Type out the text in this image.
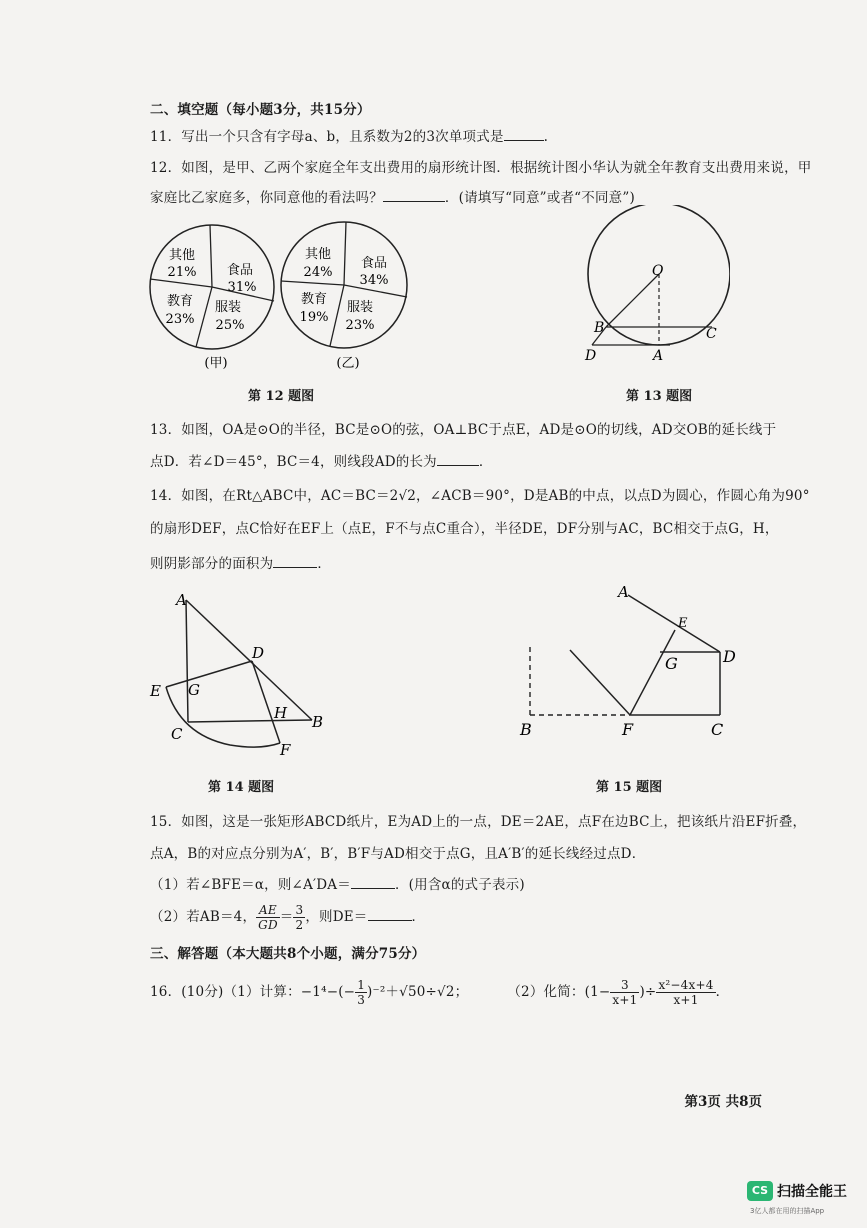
二、填空题（每小题3分，共15分）
11．写出一个只含有字母a、b，且系数为2的3次单项式是	.
12．如图，是甲、乙两个家庭全年支出费用的扇形统计图．根据统计图小华认为就全年教育支出费用来说，甲
家庭比乙家庭多，你同意他的看法吗？	．(请填写“同意”或者“不同意”)
其他
21% 食品
31%
服装
25%
教育
23%
其他
24%
食品
34%
服装
23%
教育
19%
(甲)	(乙)
O
B	C
D	A
第 12 题图	第 13 题图
13．如图，OA是⊙O的半径，BC是⊙O的弦，OA⊥BC于点E，AD是⊙O的切线，AD交OB的延长线于
点D．若∠D＝45°，BC＝4，则线段AD的长为	．
14．如图，在Rt△ABC中，AC＝BC＝2√2，∠ACB＝90°，D是AB的中点，以点D为圆心，作圆心角为90°
的扇形DEF，点C恰好在EF上（点E，F不与点C重合），半径DE，DF分别与AC，BC相交于点G，H，
则阴影部分的面积为	．
A
D
E G
H B
C
F
A
E
G	D
B	F	C
第 14 题图	第 15 题图
15．如图，这是一张矩形ABCD纸片，E为AD上的一点，DE＝2AE，点F在边BC上，把该纸片沿EF折叠，
点A，B的对应点分别为A′，B′，B′F与AD相交于点G，且A′B′的延长线经过点D．
（1）若∠BFE＝α，则∠A′DA＝	．(用含α的式子表示)
（2）若AB＝4， $\frac{AE}{GD} = \frac{3}{2}$ ，则DE＝	．
三、解答题（本大题共8个小题，满分75分）
16．(10分)（1）计算：$-1^4-(- \frac{1}{3} )^{-2}+√50\div√2$；	（2）化简：($1- \frac{3}{x+1}$ )÷ $\frac{\text{x²−4x+4}}{x+1}$ ．
第3页 共8页
CS 扫描全能王
3亿人都在用的扫描App
